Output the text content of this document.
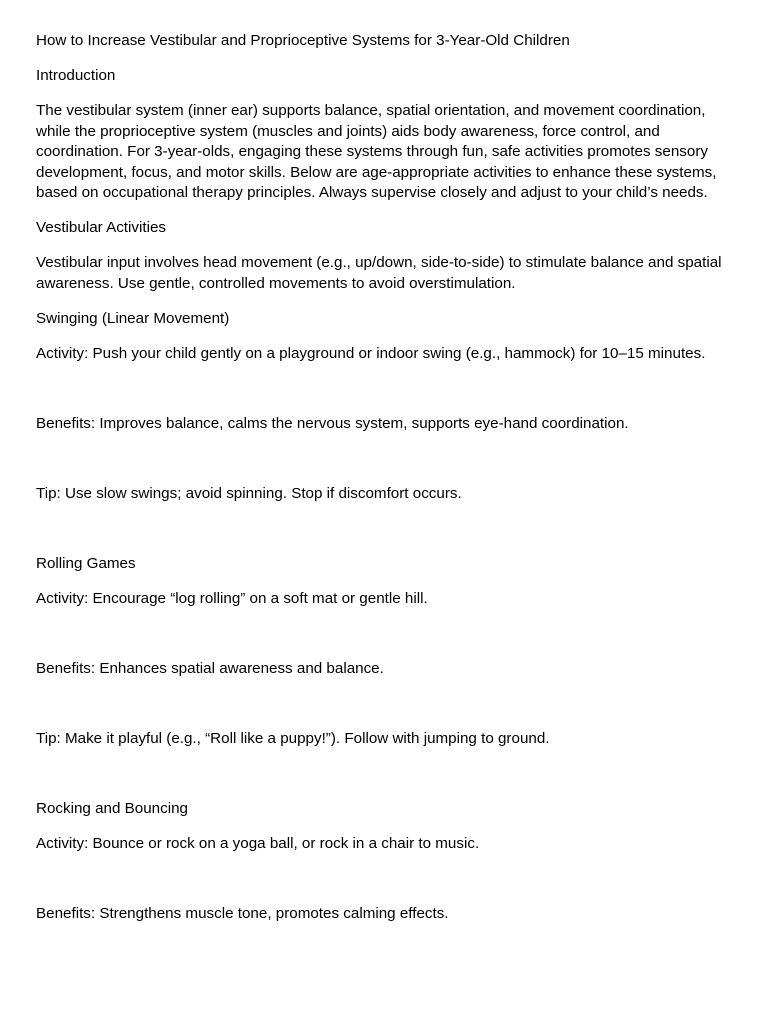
How to Increase Vestibular and Proprioceptive Systems for 3-Year-Old Children

Introduction

The vestibular system (inner ear) supports balance, spatial orientation, and movement coordination, while the proprioceptive system (muscles and joints) aids body awareness, force control, and coordination. For 3-year-olds, engaging these systems through fun, safe activities promotes sensory development, focus, and motor skills. Below are age-appropriate activities to enhance these systems, based on occupational therapy principles. Always supervise closely and adjust to your child’s needs.

Vestibular Activities

Vestibular input involves head movement (e.g., up/down, side-to-side) to stimulate balance and spatial awareness. Use gentle, controlled movements to avoid overstimulation.

Swinging (Linear Movement)

Activity: Push your child gently on a playground or indoor swing (e.g., hammock) for 10–15 minutes.

Benefits: Improves balance, calms the nervous system, supports eye-hand coordination.

Tip: Use slow swings; avoid spinning. Stop if discomfort occurs.

Rolling Games

Activity: Encourage “log rolling” on a soft mat or gentle hill.

Benefits: Enhances spatial awareness and balance.

Tip: Make it playful (e.g., “Roll like a puppy!”). Follow with jumping to ground.

Rocking and Bouncing

Activity: Bounce or rock on a yoga ball, or rock in a chair to music.

Benefits: Strengthens muscle tone, promotes calming effects.
